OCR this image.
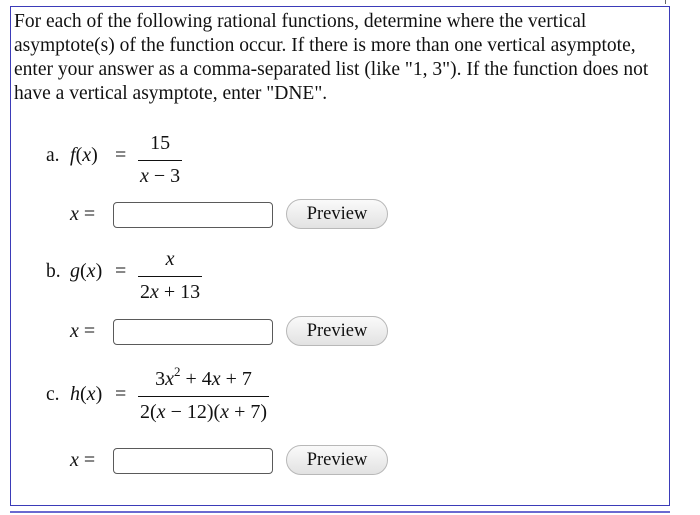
For each of the following rational functions, determine where the vertical asymptote(s) of the function occur. If there is more than one vertical asymptote, enter your answer as a comma-separated list (like "1, 3"). If the function does not have a vertical asymptote, enter "DNE".

a. f(x) =
15
x − 3
x =	Preview
b. g(x) =
x
2x + 13
x =	Preview
c. h(x) =
$3x^2 + 4x + 7$
2(x − 12)(x + 7)
x =	Preview
